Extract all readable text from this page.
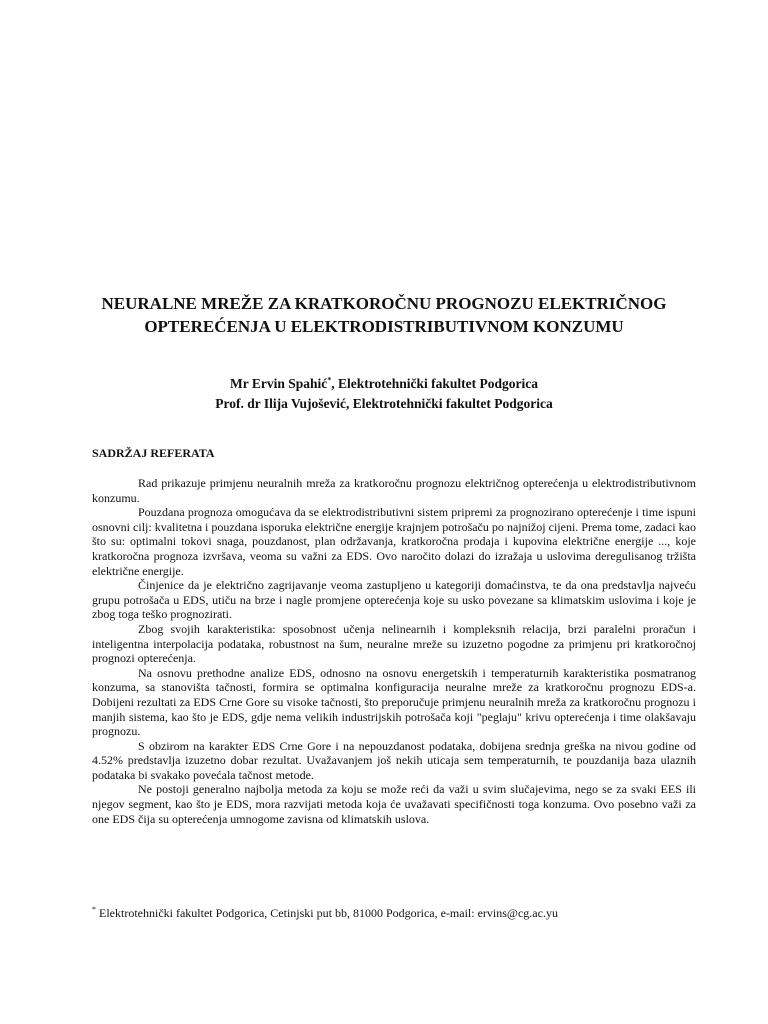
NEURALNE MREŽE ZA KRATKOROČNU PROGNOZU ELEKTRIČNOG
OPTEREĆENJA U ELEKTRODISTRIBUTIVNOM KONZUMU
Mr Ervin Spahić*, Elektrotehnički fakultet Podgorica
Prof. dr Ilija Vujošević, Elektrotehnički fakultet Podgorica
SADRŽAJ REFERATA

Rad prikazuje primjenu neuralnih mreža za kratkoročnu prognozu električnog opterećenja u elektrodistributivnom konzumu.

Pouzdana prognoza omogućava da se elektrodistributivni sistem pripremi za prognozirano opterećenje i time ispuni osnovni cilj: kvalitetna i pouzdana isporuka električne energije krajnjem potrošaču po najnižoj cijeni. Prema tome, zadaci kao što su: optimalni tokovi snaga, pouzdanost, plan održavanja, kratkoročna prodaja i kupovina električne energije ..., koje kratkoročna prognoza izvršava, veoma su važni za EDS. Ovo naročito dolazi do izražaja u uslovima deregulisanog tržišta električne energije.

Činjenice da je električno zagrijavanje veoma zastupljeno u kategoriji domaćinstva, te da ona predstavlja najveću grupu potrošača u EDS, utiču na brze i nagle promjene opterećenja koje su usko povezane sa klimatskim uslovima i koje je zbog toga teško prognozirati.

Zbog svojih karakteristika: sposobnost učenja nelinearnih i kompleksnih relacija, brzi paralelni proračun i inteligentna interpolacija podataka, robustnost na šum, neuralne mreže su izuzetno pogodne za primjenu pri kratkoročnoj prognozi opterećenja.

Na osnovu prethodne analize EDS, odnosno na osnovu energetskih i temperaturnih karakteristika posmatranog konzuma, sa stanovišta tačnosti, formira se optimalna konfiguracija neuralne mreže za kratkoročnu prognozu EDS-a. Dobijeni rezultati za EDS Crne Gore su visoke tačnosti, što preporučuje primjenu neuralnih mreža za kratkoročnu prognozu i manjih sistema, kao što je EDS, gdje nema velikih industrijskih potrošača koji "peglaju" krivu opterećenja i time olakšavaju prognozu.

S obzirom na karakter EDS Crne Gore i na nepouzdanost podataka, dobijena srednja greška na nivou godine od 4.52% predstavlja izuzetno dobar rezultat. Uvažavanjem još nekih uticaja sem temperaturnih, te pouzdanija baza ulaznih podataka bi svakako povećala tačnost metode.

Ne postoji generalno najbolja metoda za koju se može reći da važi u svim slučajevima, nego se za svaki EES ili njegov segment, kao što je EDS, mora razvijati metoda koja će uvažavati specifičnosti toga konzuma. Ovo posebno važi za one EDS čija su opterećenja umnogome zavisna od klimatskih uslova.

* Elektrotehnički fakultet Podgorica, Cetinjski put bb, 81000 Podgorica, e-mail: ervins@cg.ac.yu
